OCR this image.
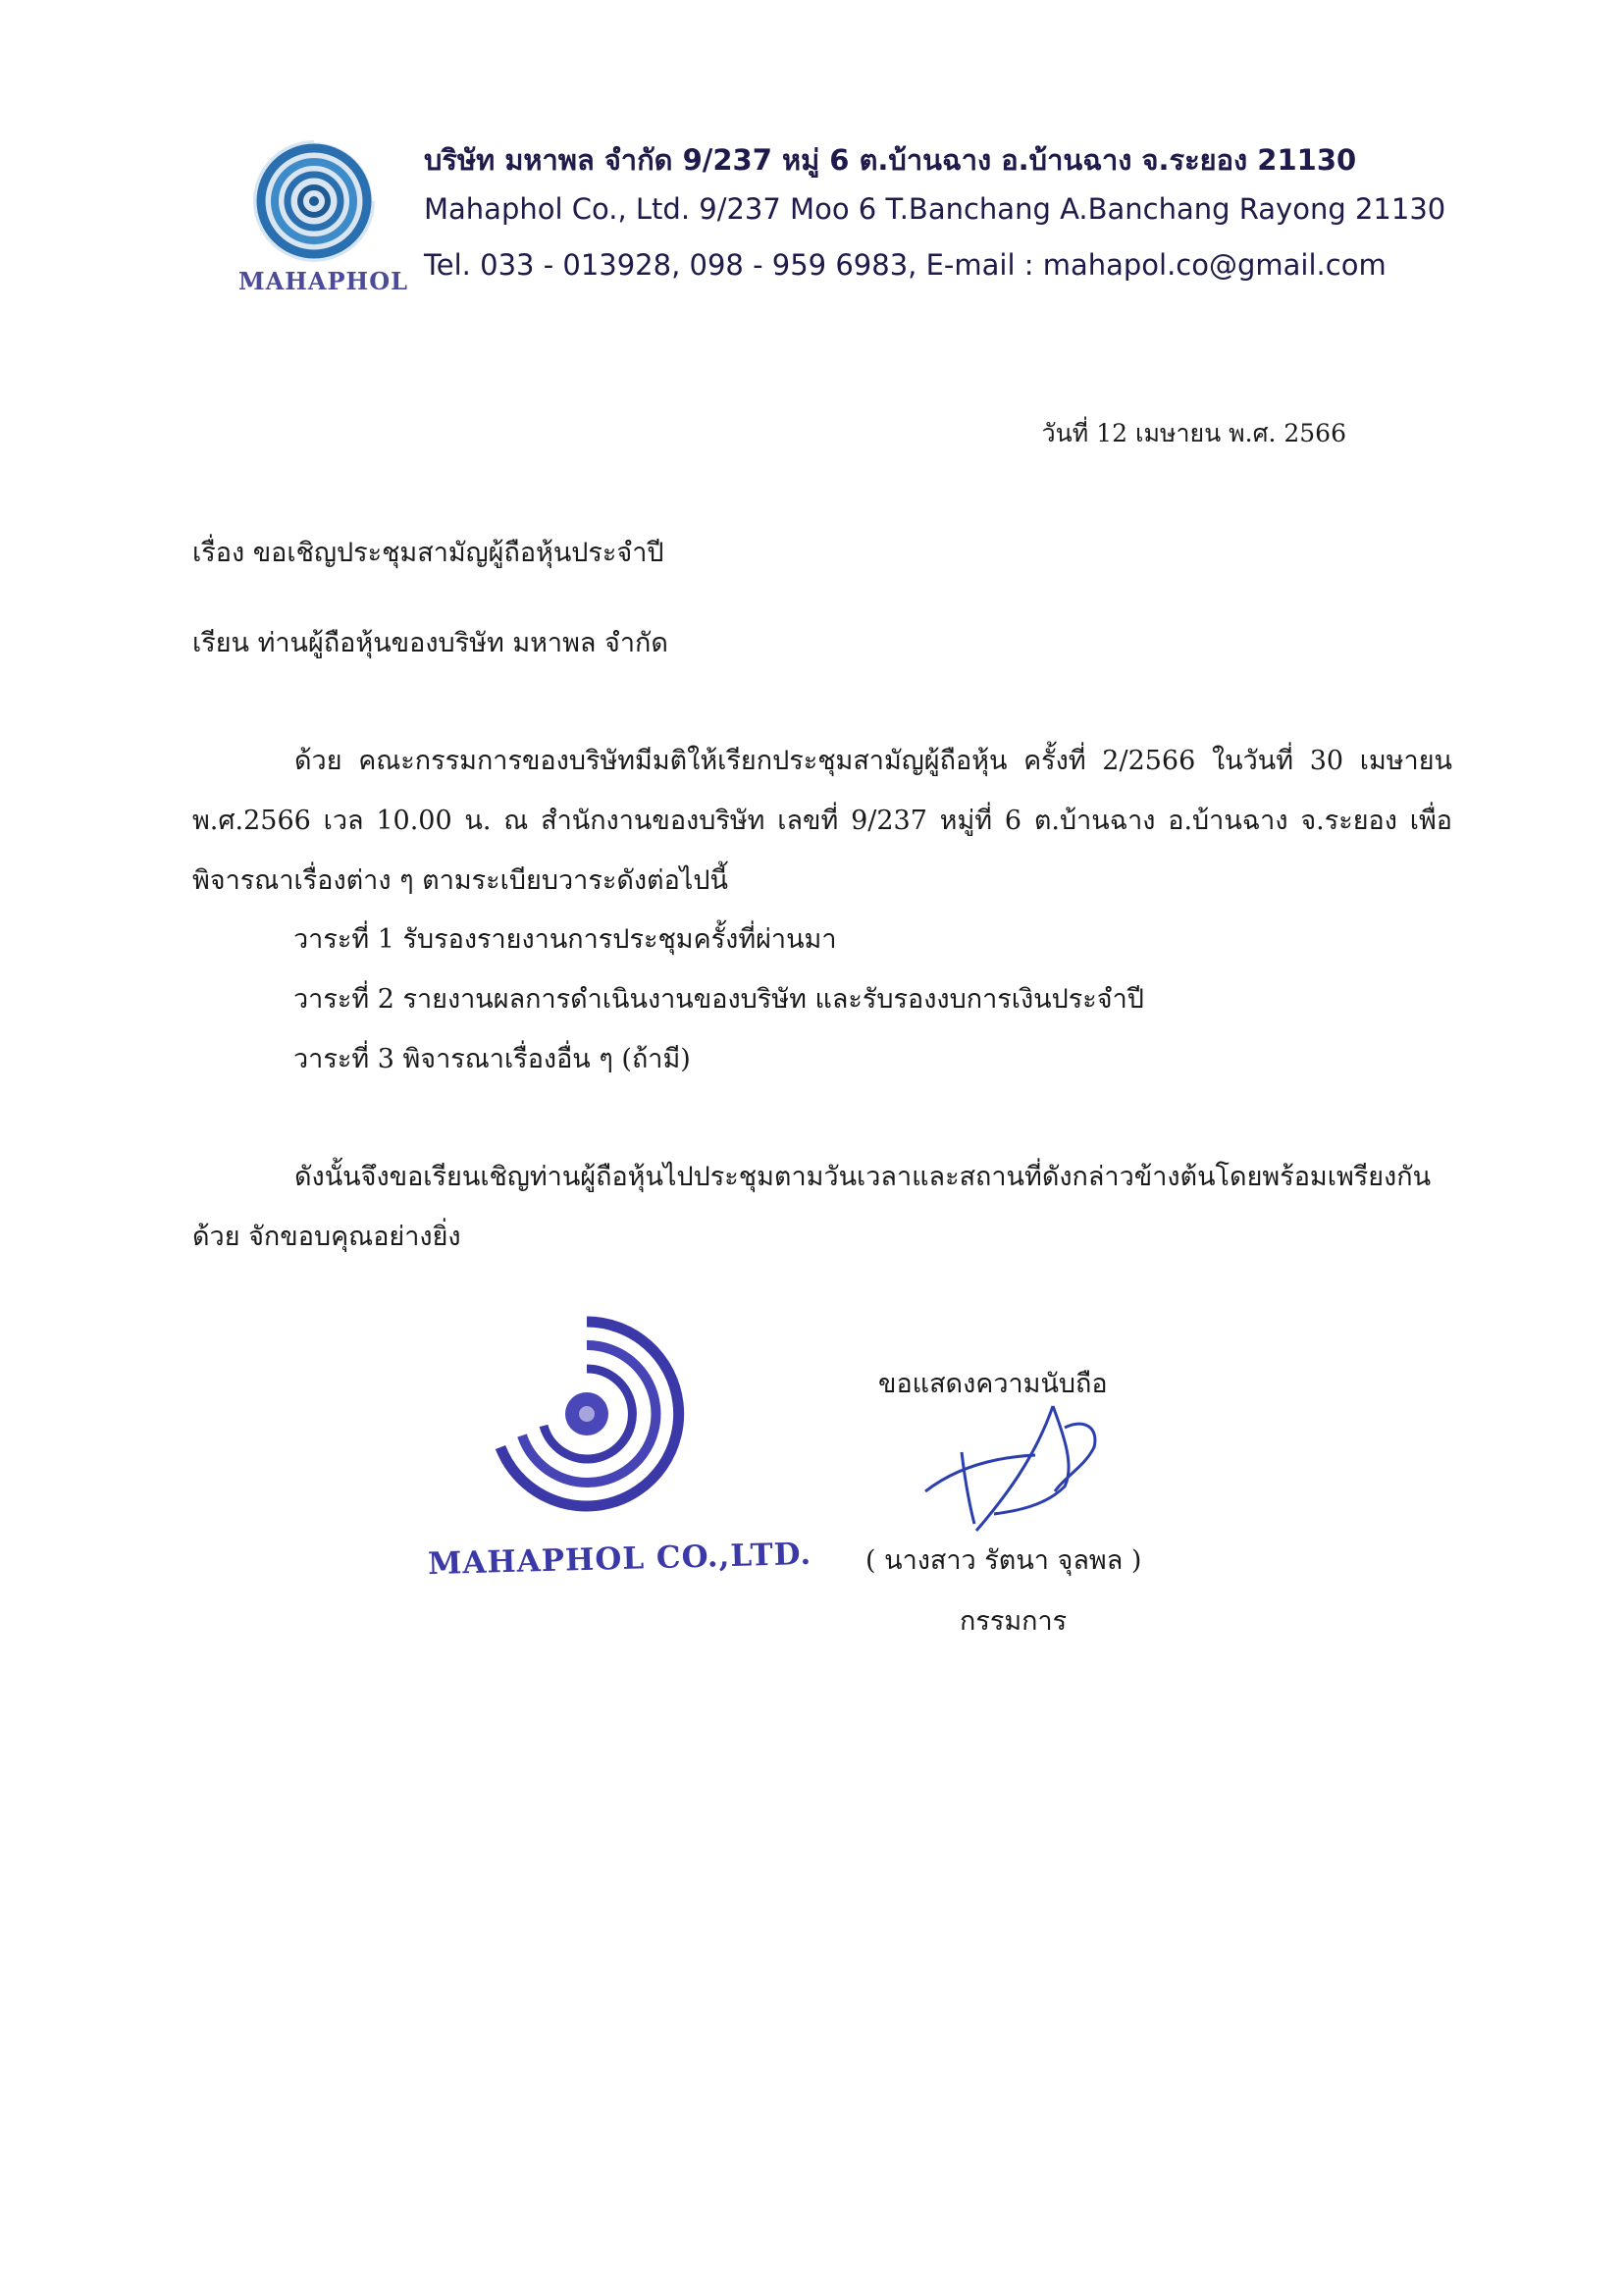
MAHAPHOL
บริษัท มหาพล จำกัด 9/237 หมู่ 6 ต.บ้านฉาง อ.บ้านฉาง จ.ระยอง 21130
Mahaphol Co., Ltd. 9/237 Moo 6 T.Banchang A.Banchang Rayong 21130
Tel. 033 - 013928, 098 - 959 6983, E-mail : mahapol.co@gmail.com
วันที่ 12 เมษายน พ.ศ. 2566
เรื่อง ขอเชิญประชุมสามัญผู้ถือหุ้นประจำปี
เรียน ท่านผู้ถือหุ้นของบริษัท มหาพล จำกัด
ด้วย คณะกรรมการของบริษัทมีมติให้เรียกประชุมสามัญผู้ถือหุ้น ครั้งที่ 2/2566 ในวันที่ 30 เมษายน พ.ศ.2566 เวล 10.00 น. ณ สำนักงานของบริษัท เลขที่ 9/237 หมู่ที่ 6 ต.บ้านฉาง อ.บ้านฉาง จ.ระยอง เพื่อพิจารณาเรื่องต่าง ๆ ตามระเบียบวาระดังต่อไปนี้
วาระที่ 1 รับรองรายงานการประชุมครั้งที่ผ่านมา
วาระที่ 2 รายงานผลการดำเนินงานของบริษัท และรับรองงบการเงินประจำปี
วาระที่ 3 พิจารณาเรื่องอื่น ๆ (ถ้ามี)
ดังนั้นจึงขอเรียนเชิญท่านผู้ถือหุ้นไปประชุมตามวันเวลาและสถานที่ดังกล่าวข้างต้นโดยพร้อมเพรียงกันด้วย จักขอบคุณอย่างยิ่ง
MAHAPHOL CO.,LTD.
ขอแสดงความนับถือ
( นางสาว รัตนา จุลพล )
กรรมการ
